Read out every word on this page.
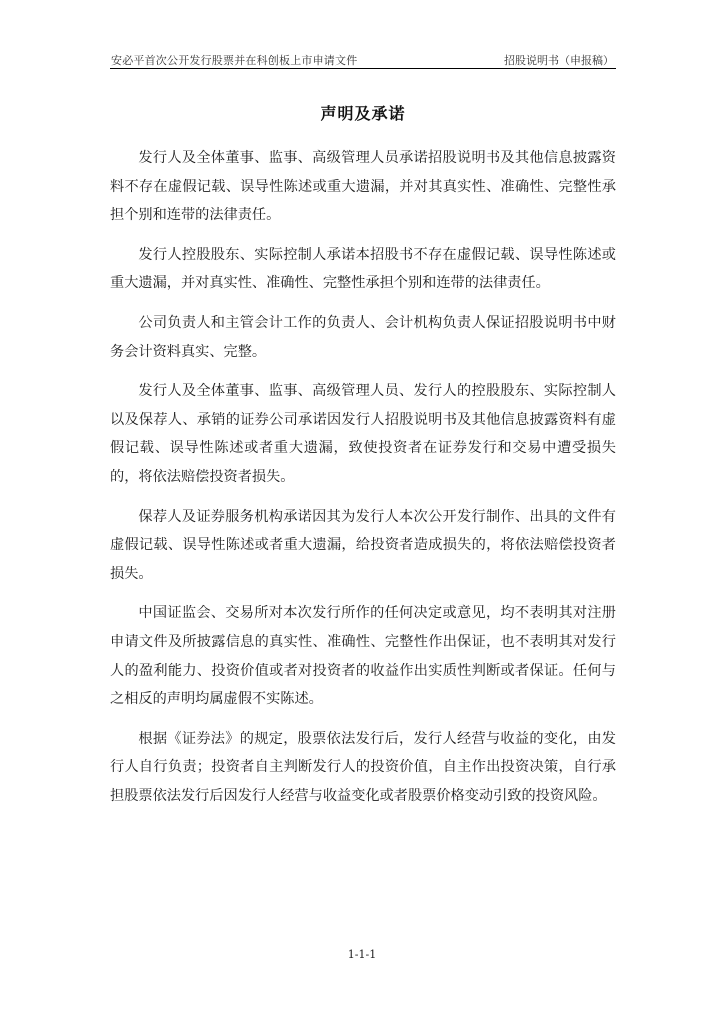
安必平首次公开发行股票并在科创板上市申请文件	招股说明书（申报稿）
声明及承诺

发行人及全体董事、监事、高级管理人员承诺招股说明书及其他信息披露资料不存在虚假记载、误导性陈述或重大遗漏，并对其真实性、准确性、完整性承担个别和连带的法律责任。

发行人控股股东、实际控制人承诺本招股书不存在虚假记载、误导性陈述或重大遗漏，并对真实性、准确性、完整性承担个别和连带的法律责任。

公司负责人和主管会计工作的负责人、会计机构负责人保证招股说明书中财务会计资料真实、完整。

发行人及全体董事、监事、高级管理人员、发行人的控股股东、实际控制人以及保荐人、承销的证券公司承诺因发行人招股说明书及其他信息披露资料有虚假记载、误导性陈述或者重大遗漏，致使投资者在证券发行和交易中遭受损失的，将依法赔偿投资者损失。

保荐人及证券服务机构承诺因其为发行人本次公开发行制作、出具的文件有虚假记载、误导性陈述或者重大遗漏，给投资者造成损失的，将依法赔偿投资者损失。

中国证监会、交易所对本次发行所作的任何决定或意见，均不表明其对注册申请文件及所披露信息的真实性、准确性、完整性作出保证，也不表明其对发行人的盈利能力、投资价值或者对投资者的收益作出实质性判断或者保证。任何与之相反的声明均属虚假不实陈述。

根据《证券法》的规定，股票依法发行后，发行人经营与收益的变化，由发行人自行负责；投资者自主判断发行人的投资价值，自主作出投资决策，自行承担股票依法发行后因发行人经营与收益变化或者股票价格变动引致的投资风险。

1-1-1
